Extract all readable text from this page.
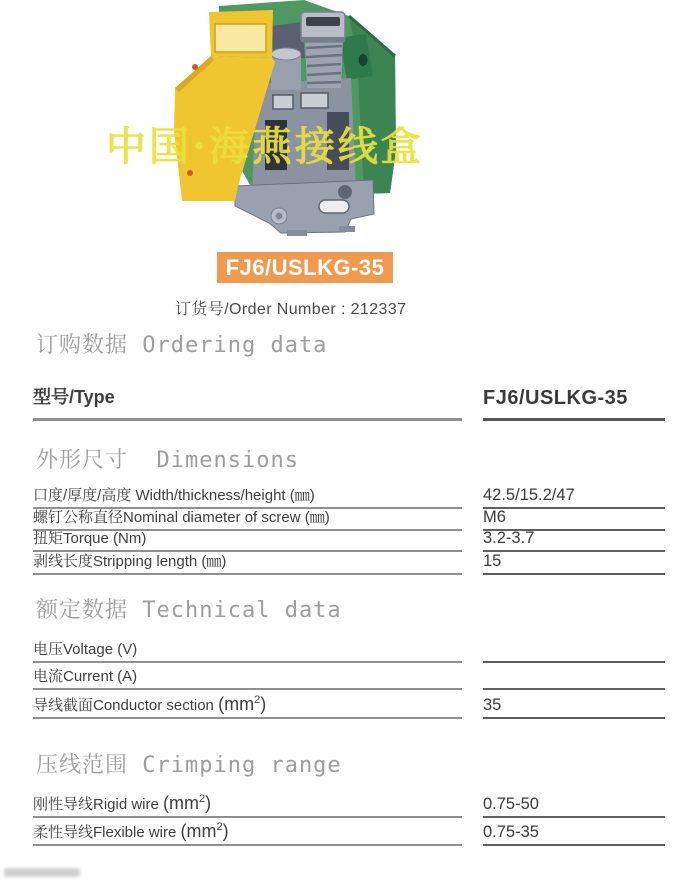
中国·海燕接线盒
FJ6/USLKG-35
订货号/Order Number : 212337
订购数据 Ordering data
型号/Type	FJ6/USLKG-35
外形尺寸  Dimensions
口度/厚度/高度 Width/thickness/height (㎜)	42.5/15.2/47
螺钉公称直径Nominal diameter of screw (㎜)	M6
扭矩Torque (Nm)	3.2-3.7
剥线长度Stripping length (㎜)	15
额定数据 Technical data
电压Voltage (V)
电流Current (A)
导线截面Conductor section $(mm^2)$	35
压线范围 Crimping range
刚性导线Rigid wire $(mm^2)$	0.75-50
柔性导线Flexible wire $(mm^2)$	0.75-35
